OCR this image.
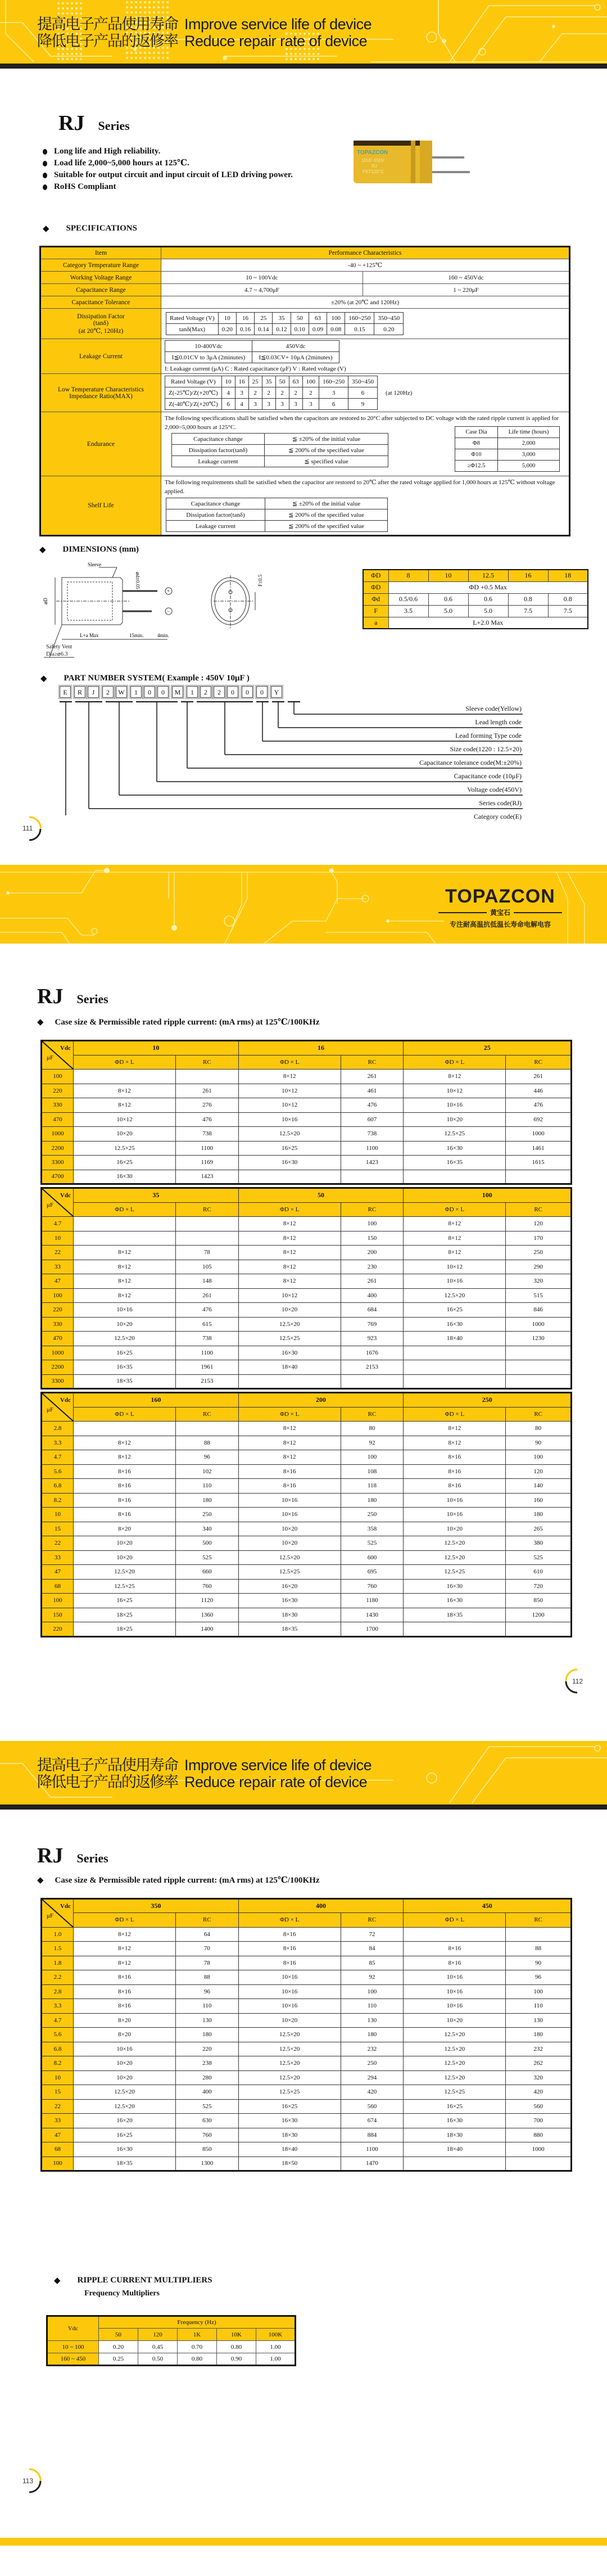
提高电子产品使用寿命 Improve service life of device
降低电子产品的返修率 Reduce repair rate of device
RJ Series
Long life and High reliability.
Load life 2,000~5,000 hours at 125℃.
Suitable for output circuit and input circuit of LED driving power.
RoHS Compliant
TOPAZCON
10UF 450V
RJ
PET125°C
◆ SPECIFICATIONS
Item	Performance Characteristics
Category Temperature Range	-40 ~ +125℃
Working Voltage Range	10 ~ 100Vdc	160 ~ 450Vdc
Capacitance Range	4.7 ~ 4,700μF	1 ~ 220μF
Capacitance Tolerance	±20% (at 20℃ and 120Hz)

Dissipation Factor
(tanδ)
(at 20℃, 120Hz)

Rated Voltage (V)	10	16	25	35	50	63	100	160~250	350~450
tanδ(Max)	0.20	0.16	0.14	0.12	0.10	0.09	0.08	0.15	0.20

Leakage Current	
10-400Vdc	450Vdc
I≦0.01CV to 3μA (2minutes)	I≦0.03CV+ 10μA (2minutes)
I: Leakage current (μA) C : Rated capacitance (μF) V : Rated voltage (V)

Low Temperature Characteristics
Impedance Ratio(MAX)

Rated Voltage (V)	10	16	25	35	50	63	100	160~250	350~450
Z(-25℃)/Z(+20℃)	4	3	2	2	2	2	2	3	6
Z(-40℃)/Z(+20℃)	6	4	3	3	3	3	3	6	9
(at 120Hz)

Endurance	
The following specifications shall be satisfied when the capacitors are restored to 20°C after subjected to DC voltage with the rated ripple current is applied for 2,000~5,000 hours at 125°C.
Capacitance change	≦ ±20% of the initial value
Dissipation factor(tanδ)	≦ 200% of the specified value
Leakage current	≦ specified value
Case Dia	Life time (hours)
Φ8	2,000
Φ10	3,000
≥Φ12.5	5,000

Shelf Life	
The following requirements shall be satisfied when the capacitor are restored to 20℃ after the rated voltage applied for 1,000 hours at 125℃ without voltage applied.
Capacitance change	≦ ±20% of the initial value
Dissipation factor(tanδ)	≦ 200% of the specified value
Leakage current	≦ 200% of the specified value
◆ DIMENSIONS (mm)
Sleeve
⌀d±0.05
⌀D
L+a Max	15min.	4min.
F±0.5
+
−
Safety Vent
Dia≥⌀6.3
ΦD	8	10	12.5	16	18
ΦD	ΦD +0.5 Max				
Φd	0.5/0.6	0.6	0.6	0.8	0.8
F	3.5	5.0	5.0	7.5	7.5
a	L+2.0 Max				
◆ PART NUMBER SYSTEM( Example : 450V 10μF )
E R J 2 W 1 0 0 M 1 2 2 0 0 0 Y
Sleeve code(Yellow)
Lead length code
Lead forming Type code
Size code(1220 : 12.5×20)
Capacitance tolerance code(M:±20%)
Capacitance code (10μF)
Voltage code(450V)
Series code(RJ)
Category code(E)
111
TOPAZCON
黄宝石
专注耐高温抗低温长寿命电解电容
RJ Series
◆ Case size & Permissible rated ripple current: (mA rms) at 125℃/100KHz
Vdc
μF	10		16		25	
	ΦD × L	RC	ΦD × L	RC	ΦD × L	RC
100			8×12	261	8×12	261
220	8×12	261	10×12	461	10×12	446
330	8×12	276	10×12	476	10×16	476
470	10×12	476	10×16	607	10×20	692
1000	10×20	738	12.5×20	738	12.5×25	1000
2200	12.5×25	1100	16×25	1100	16×30	1461
3300	16×25	1169	16×30	1423	16×35	1615
4700	16×30	1423				
Vdc
μF	35		50		100	
	ΦD × L	RC	ΦD × L	RC	ΦD × L	RC
4.7			8×12	100	8×12	120
10			8×12	150	8×12	170
22	8×12	78	8×12	200	8×12	250
33	8×12	105	8×12	230	10×12	290
47	8×12	148	8×12	261	10×16	320
100	8×12	261	10×12	400	12.5×20	515
220	10×16	476	10×20	684	16×25	846
330	10×20	615	12.5×20	769	16×30	1000
470	12.5×20	738	12.5×25	923	18×40	1230
1000	16×25	1100	16×30	1676		
2200	16×35	1961	18×40	2153		
3300	18×35	2153				
Vdc
μF	160		200		250	
	ΦD × L	RC	ΦD × L	RC	ΦD × L	RC
2.8			8×12	80	8×12	80
3.3	8×12	88	8×12	92	8×12	90
4.7	8×12	96	8×12	100	8×16	100
5.6	8×16	102	8×16	108	8×16	120
6.8	8×16	110	8×16	118	8×16	140
8.2	8×16	180	10×16	180	10×16	160
10	8×16	250	10×16	250	10×16	180
15	8×20	340	10×20	358	10×20	265
22	10×20	500	10×20	525	12.5×20	380
33	10×20	525	12.5×20	600	12.5×20	525
47	12.5×20	660	12.5×25	695	12.5×25	610
68	12.5×25	760	16×20	760	16×30	720
100	16×25	1120	16×30	1180	16×30	850
150	18×25	1360	18×30	1430	18×35	1200
220	18×25	1400	18×35	1700		
112
提高电子产品使用寿命 Improve service life of device
降低电子产品的返修率 Reduce repair rate of device
RJ Series
◆ Case size & Permissible rated ripple current: (mA rms) at 125℃/100KHz
Vdc
μF	350		400		450	
	ΦD × L	RC	ΦD × L	RC	ΦD × L	RC
1.0	8×12	64	8×16	72		
1.5	8×12	70	8×16	84	8×16	88
1.8	8×12	78	8×16	85	8×16	90
2.2	8×16	88	10×16	92	10×16	96
2.8	8×16	96	10×16	100	10×16	100
3.3	8×16	110	10×16	110	10×16	110
4.7	8×20	130	10×20	130	10×20	130
5.6	8×20	180	12.5×20	180	12.5×20	180
6.8	10×16	220	12.5×20	232	12.5×20	232
8.2	10×20	238	12.5×20	250	12.5×20	262
10	10×20	280	12.5×20	294	12.5×20	320
15	12.5×20	400	12.5×25	420	12.5×25	420
22	12.5×20	525	16×25	560	16×25	560
33	16×20	630	16×30	674	16×30	700
47	16×25	760	18×30	884	18×30	880
68	16×30	850	18×40	1100	18×40	1000
100	18×35	1300	18×50	1470		
◆ RIPPLE CURRENT MULTIPLIERS
Frequency Multipliers
Vdc	Frequency (Hz)				
	50	120	1K	10K	100K
10 ~ 100	0.20	0.45	0.70	0.80	1.00
160 ~ 450	0.25	0.50	0.80	0.90	1.00
113
